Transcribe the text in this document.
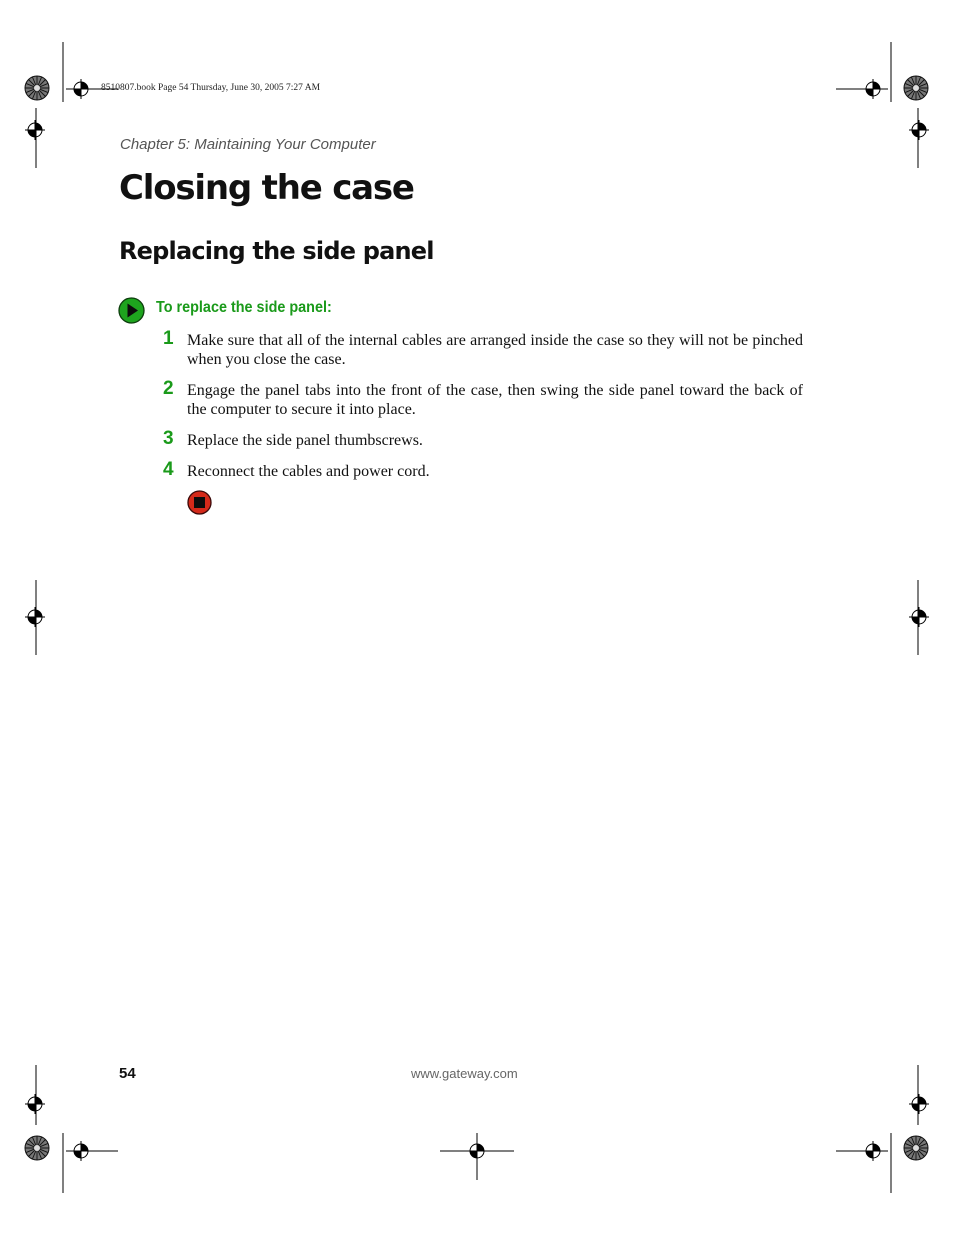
8510807.book Page 54 Thursday, June 30, 2005 7:27 AM
Chapter 5: Maintaining Your Computer
Closing the case
Replacing the side panel
To replace the side panel:
1 Make sure that all of the internal cables are arranged inside the case so they will not be pinched when you close the case.
2 Engage the panel tabs into the front of the case, then swing the side panel toward the back of the computer to secure it into place.
3 Replace the side panel thumbscrews.
4 Reconnect the cables and power cord.
54	www.gateway.com
